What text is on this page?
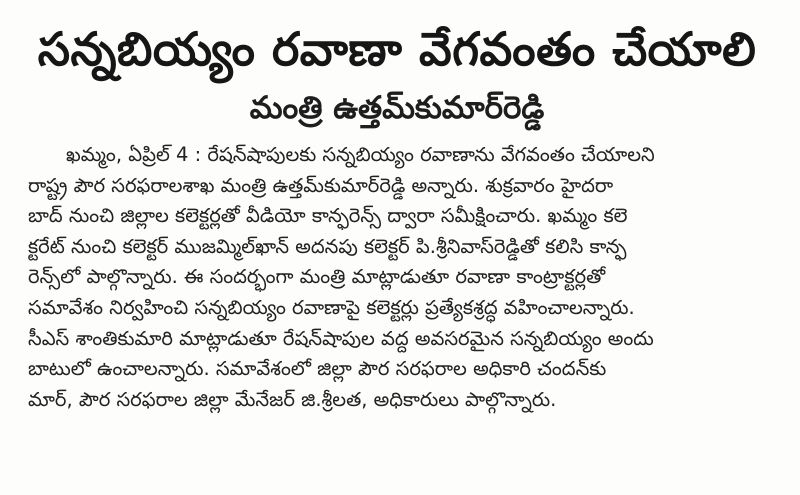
సన్నబియ్యం రవాణా వేగవంతం చేయాలి
మంత్రి ఉత్తమ్‌కుమార్‌రెడ్డి
ఖమ్మం, ఏప్రిల్ 4 : రేషన్‌షాపులకు సన్నబియ్యం రవాణాను వేగవంతం చేయాలని
రాష్ట్ర పౌర సరఫరాలశాఖ మంత్రి ఉత్తమ్‌కుమార్‌రెడ్డి అన్నారు. శుక్రవారం హైదరా
బాద్ నుంచి జిల్లాల కలెక్టర్లతో వీడియో కాన్ఫరెన్స్ ద్వారా సమీక్షించారు. ఖమ్మం కలె
క్టరేట్ నుంచి కలెక్టర్ ముజమ్మిల్‌ఖాన్ అదనపు కలెక్టర్ పి.శ్రీనివాస్‌రెడ్డితో కలిసి కాన్ఫ
రెన్స్‌లో పాల్గొన్నారు. ఈ సందర్భంగా మంత్రి మాట్లాడుతూ రవాణా కాంట్రాక్టర్లతో
సమావేశం నిర్వహించి సన్నబియ్యం రవాణాపై కలెక్టర్లు ప్రత్యేకశ్రద్ధ వహించాలన్నారు.
సీఎస్ శాంతికుమారి మాట్లాడుతూ రేషన్‌షాపుల వద్ద అవసరమైన సన్నబియ్యం అందు
బాటులో ఉంచాలన్నారు. సమావేశంలో జిల్లా పౌర సరఫరాల అధికారి చందన్‌కు
మార్, పౌర సరఫరాల జిల్లా మేనేజర్ జి.శ్రీలత, అధికారులు పాల్గొన్నారు.
